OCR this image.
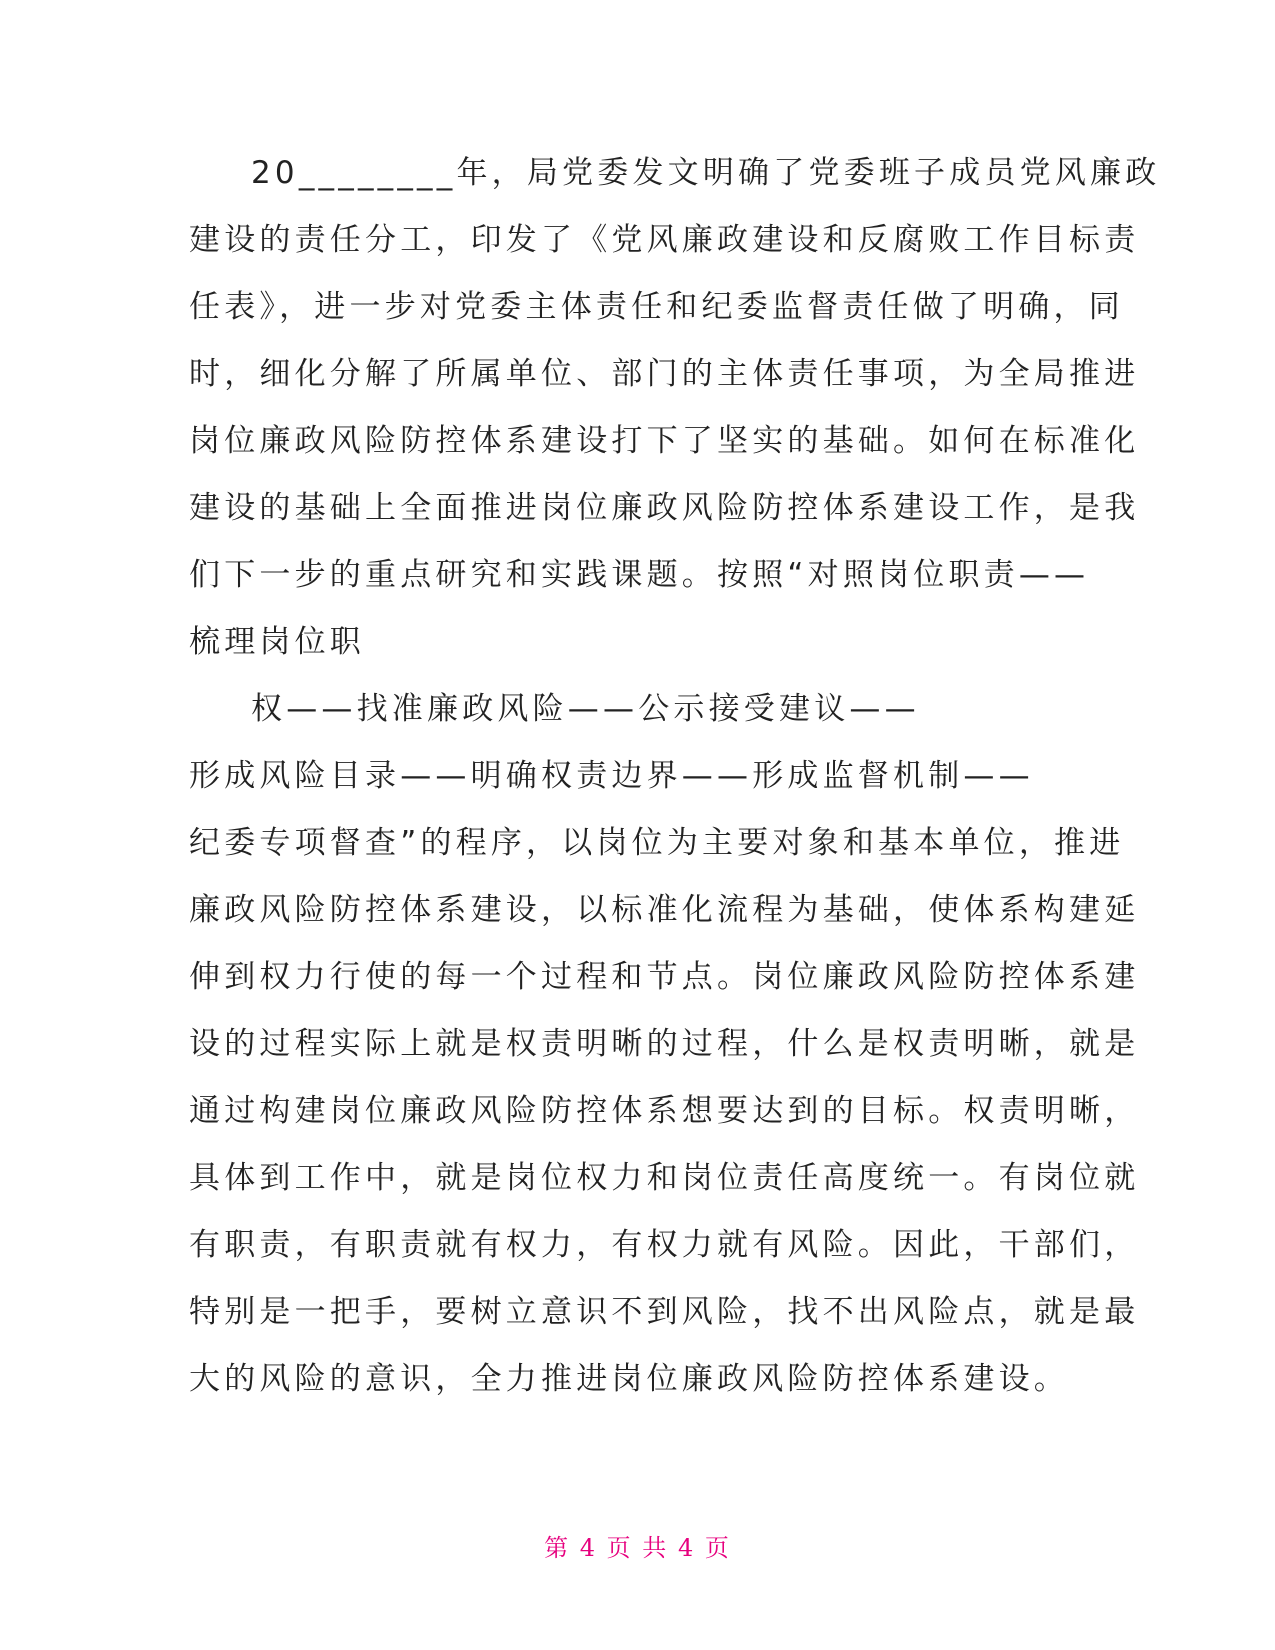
20________年，局党委发文明确了党委班子成员党风廉政
建设的责任分工，印发了《党风廉政建设和反腐败工作目标责
任表》，进一步对党委主体责任和纪委监督责任做了明确，同
时，细化分解了所属单位、部门的主体责任事项，为全局推进
岗位廉政风险防控体系建设打下了坚实的基础。如何在标准化
建设的基础上全面推进岗位廉政风险防控体系建设工作，是我
们下一步的重点研究和实践课题。按照“对照岗位职责——
梳理岗位职
权——找准廉政风险——公示接受建议——
形成风险目录——明确权责边界——形成监督机制——
纪委专项督查”的程序，以岗位为主要对象和基本单位，推进
廉政风险防控体系建设，以标准化流程为基础，使体系构建延
伸到权力行使的每一个过程和节点。岗位廉政风险防控体系建
设的过程实际上就是权责明晰的过程，什么是权责明晰，就是
通过构建岗位廉政风险防控体系想要达到的目标。权责明晰，
具体到工作中，就是岗位权力和岗位责任高度统一。有岗位就
有职责，有职责就有权力，有权力就有风险。因此，干部们，
特别是一把手，要树立意识不到风险，找不出风险点，就是最
大的风险的意识，全力推进岗位廉政风险防控体系建设。
第 4 页 共 4 页
